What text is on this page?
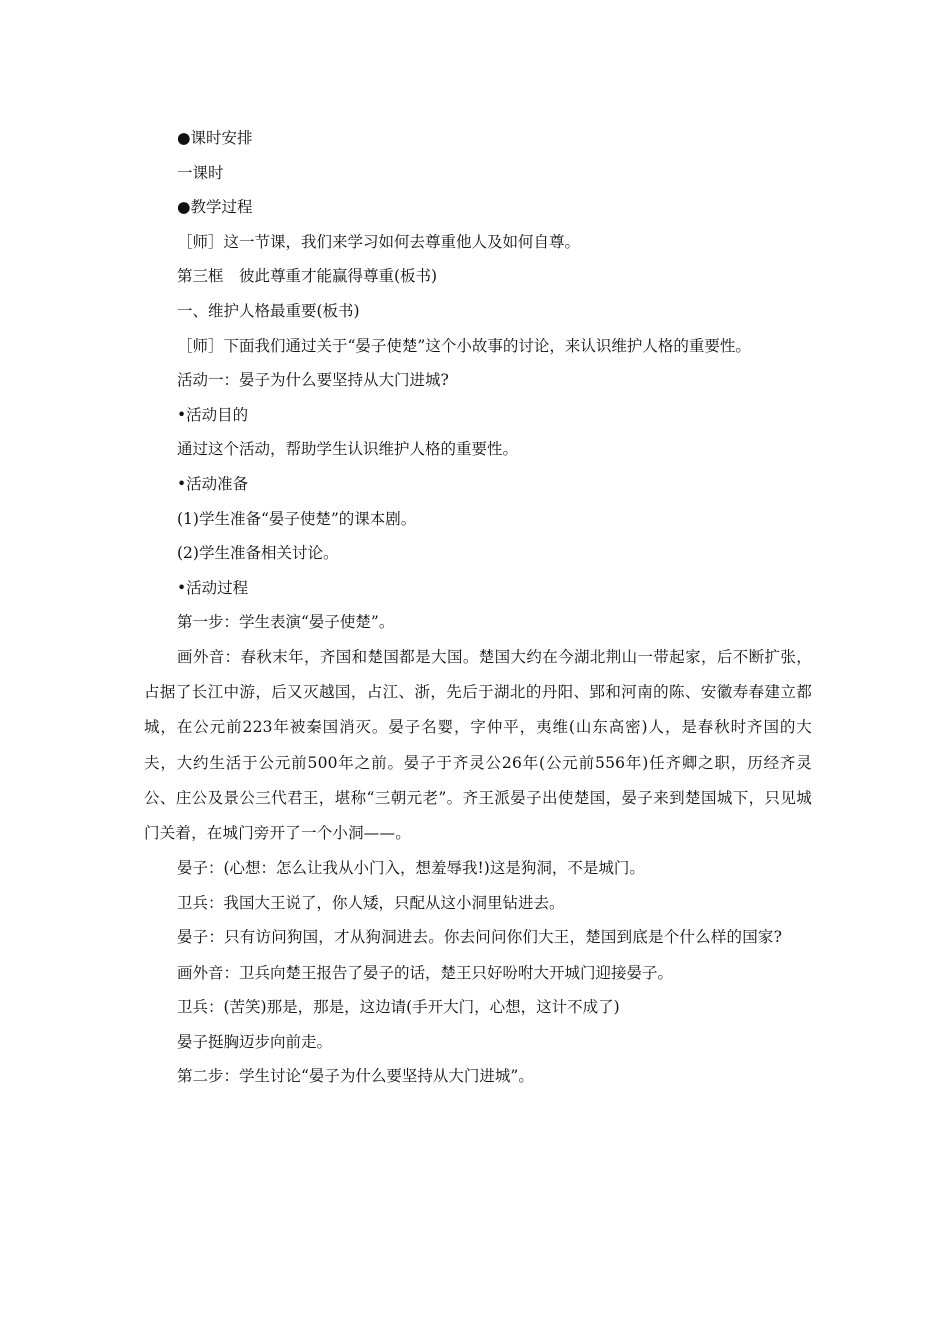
●课时安排

一课时

●教学过程

［师］这一节课，我们来学习如何去尊重他人及如何自尊。

第三框　彼此尊重才能赢得尊重(板书)

一、维护人格最重要(板书)

［师］下面我们通过关于“晏子使楚”这个小故事的讨论，来认识维护人格的重要性。

活动一：晏子为什么要坚持从大门进城?

•活动目的

通过这个活动，帮助学生认识维护人格的重要性。

•活动准备

(1)学生准备“晏子使楚”的课本剧。

(2)学生准备相关讨论。

•活动过程

第一步：学生表演“晏子使楚”。

画外音：春秋末年，齐国和楚国都是大国。楚国大约在今湖北荆山一带起家，后不断扩张，占据了长江中游，后又灭越国，占江、浙，先后于湖北的丹阳、郢和河南的陈、安徽寿春建立都城，在公元前223年被秦国消灭。晏子名婴，字仲平，夷维(山东高密)人，是春秋时齐国的大夫，大约生活于公元前500年之前。晏子于齐灵公26年(公元前556年)任齐卿之职，历经齐灵公、庄公及景公三代君王，堪称“三朝元老”。齐王派晏子出使楚国，晏子来到楚国城下，只见城门关着，在城门旁开了一个小洞——。

晏子：(心想：怎么让我从小门入，想羞辱我!)这是狗洞，不是城门。

卫兵：我国大王说了，你人矮，只配从这小洞里钻进去。

晏子：只有访问狗国，才从狗洞进去。你去问问你们大王，楚国到底是个什么样的国家?

画外音：卫兵向楚王报告了晏子的话，楚王只好吩咐大开城门迎接晏子。

卫兵：(苦笑)那是，那是，这边请(手开大门，心想，这计不成了)

晏子挺胸迈步向前走。

第二步：学生讨论“晏子为什么要坚持从大门进城”。
